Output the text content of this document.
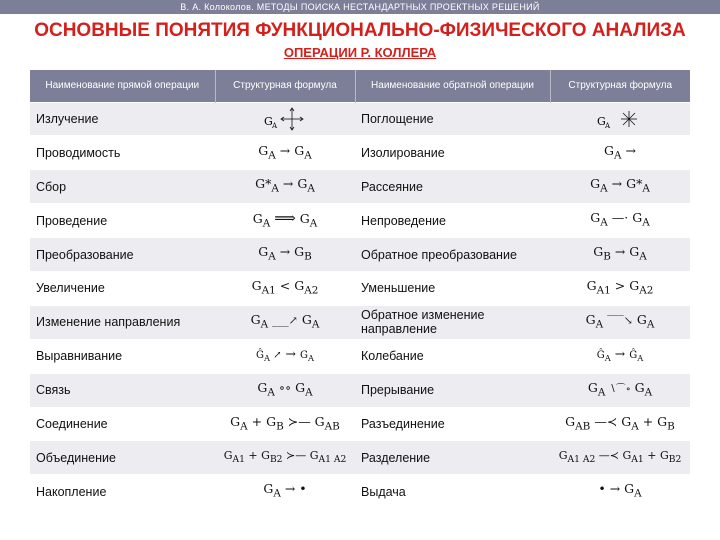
В. А. Колоколов. МЕТОДЫ ПОИСКА НЕСТАНДАРТНЫХ ПРОЕКТНЫХ РЕШЕНИЙ
ОСНОВНЫЕ ПОНЯТИЯ ФУНКЦИОНАЛЬНО-ФИЗИЧЕСКОГО АНАЛИЗА
ОПЕРАЦИИ Р. КОЛЛЕРА
Наименование прямой операции	Структурная формула	Наименование обратной операции	Структурная формула
Излучение	G A	Поглощение	G A

Проводимость	$G_A \to G_A$	Изолирование	$G_A$ →
Сбор	$G*_A \to G_A$	Рассеяние	$G_A \to G*_A$
Проведение	$G_A$ ⟹ $G_A$	Непроведение	$G_A$ —· $G_A$
Преобразование	$G_A \to G_B$	Обратное преобразование	$G_B \to G_A$
Увеличение	$G_{A1} < G_{A2}$	Уменьшение	$G_{A1} > G_{A2}$
Изменение направления	$G_A$ ___↗ $G_A$	Обратное изменение направление	$G_A$ ‾‾‾↘ $G_A$
Выравнивание	$Ĝ_A$ ↗ → $G_A$	Колебание	$Ĝ_A$ → $Ĝ_A$
Связь	$G_A$ ∘∘ $G_A$	Прерывание	$G_A$ ∖⌒∘ $G_A$
Соединение	$G_A + G_B$ ≻— $G_{AB}$	Разъединение	$G_{AB}$ —≺ $G_A + G_B$
Объединение	$G_{A1} + G_{B2}$ ≻— $G_{A1 A2}$	Разделение	$G_{A1 A2}$ —≺ $G_{A1} + G_{B2}$
Накопление	$G_A$ → •	Выдача	• → $G_A$
